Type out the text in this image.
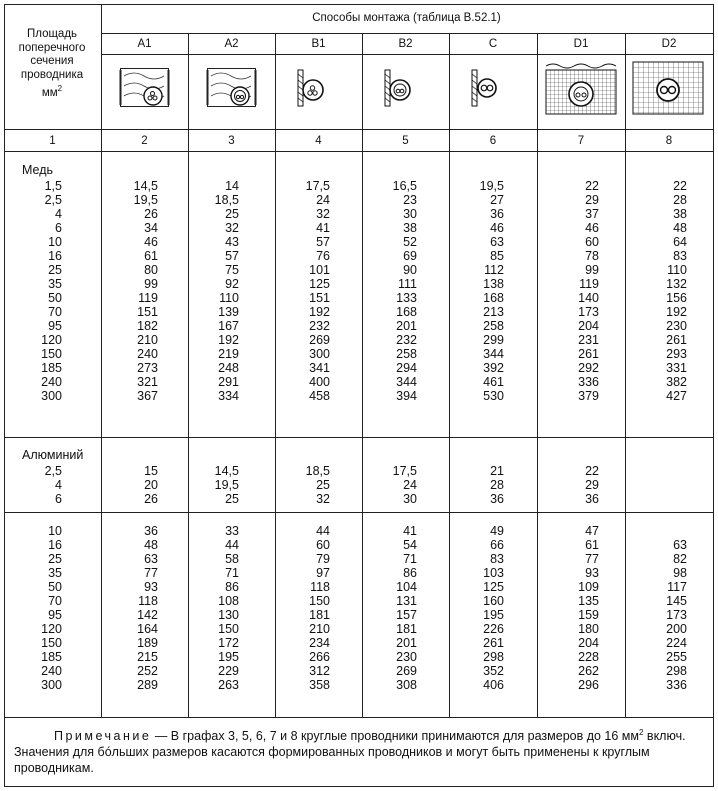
Площадь
поперечного
сечения
проводника
$мм^2$
Способы монтажа (таблица В.52.1)
A1	A2	B1	B2	C	D1	D2
1	2	3	4	5	6	7	8
Медь
1,5	14,5	14	17,5	16,5	19,5	22	22
2,5	19,5	18,5	24	23	27	29	28
4	26	25	32	30	36	37	38
6	34	32	41	38	46	46	48
10	46	43	57	52	63	60	64
16	61	57	76	69	85	78	83
25	80	75	101	90	112	99	110
35	99	92	125	111	138	119	132
50	119	110	151	133	168	140	156
70	151	139	192	168	213	173	192
95	182	167	232	201	258	204	230
120	210	192	269	232	299	231	261
150	240	219	300	258	344	261	293
185	273	248	341	294	392	292	331
240	321	291	400	344	461	336	382
300	367	334	458	394	530	379	427
Алюминий
2,5	15	14,5	18,5	17,5	21	22
4	20	19,5	25	24	28	29
6	26	25	32	30	36	36
10	36	33	44	41	49	47
16	48	44	60	54	66	61	63
25	63	58	79	71	83	77	82
35	77	71	97	86	103	93	98
50	93	86	118	104	125	109	117
70	118	108	150	131	160	135	145
95	142	130	181	157	195	159	173
120	164	150	210	181	226	180	200
150	189	172	234	201	261	204	224
185	215	195	266	230	298	228	255
240	252	229	312	269	352	262	298
300	289	263	358	308	406	296	336
Примечание — В графах 3, 5, 6, 7 и 8 круглые проводники принимаются для размеров до 16 $мм^2$ включ. Значения для бóльших размеров касаются формированных проводников и могут быть применены к круглым проводникам.
